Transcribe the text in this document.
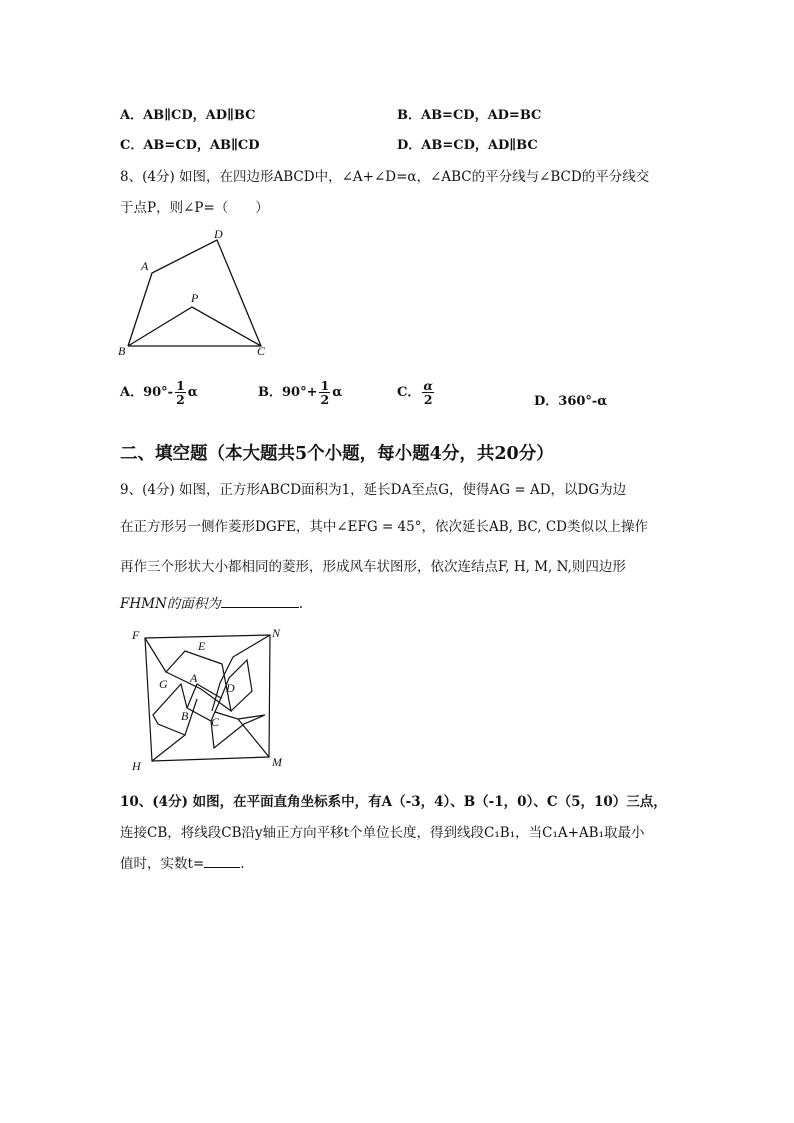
A．AB∥CD，AD∥BC	B．AB=CD，AD=BC
C．AB=CD，AB∥CD	D．AB=CD，AD∥BC
8、(4分) 如图，在四边形ABCD中，∠A+∠D=α，∠ABC的平分线与∠BCD的平分线交
于点P，则∠P=（　　）
A
D
P
B	C
A．$90^\circ- \frac{1}{2}$ α	B．$90^\circ+ \frac{1}{2}$ α	C． $\frac{\alpha}{2}$	D．360°-α
二、填空题（本大题共5个小题，每小题4分，共20分）
9、(4分) 如图，正方形ABCD面积为1，延长DA至点G，使得AG = AD，以DG为边
在正方形另一侧作菱形DGFE，其中∠EFG = 45°，依次延长AB, BC, CD类似以上操作
再作三个形状大小都相同的菱形，形成风车状图形，依次连结点F, H, M, N,则四边形
FHMN的面积为	.
F	N
E
G A
D
B C
H	M
10、(4分) 如图，在平面直角坐标系中，有A（-3，4）、B（-1，0）、C（5，10）三点，
连接CB，将线段CB沿y轴正方向平移t个单位长度，得到线段C₁B₁，当C₁A+AB₁取最小
值时，实数t=	.
